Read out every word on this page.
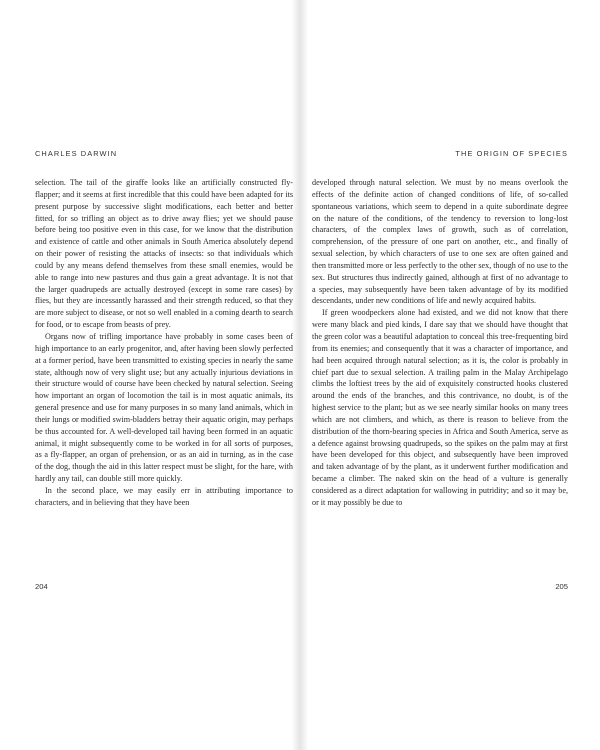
CHARLES DARWIN

selection. The tail of the giraffe looks like an artificially constructed fly-flapper; and it seems at first incredible that this could have been adapted for its present purpose by successive slight modifications, each better and better fitted, for so trifling an object as to drive away flies; yet we should pause before being too positive even in this case, for we know that the distribution and existence of cattle and other animals in South America absolutely depend on their power of resisting the attacks of insects: so that individuals which could by any means defend themselves from these small enemies, would be able to range into new pastures and thus gain a great advantage. It is not that the larger quadrupeds are actually destroyed (except in some rare cases) by flies, but they are incessantly harassed and their strength reduced, so that they are more subject to disease, or not so well enabled in a coming dearth to search for food, or to escape from beasts of prey.

Organs now of trifling importance have probably in some cases been of high importance to an early progenitor, and, after having been slowly perfected at a former period, have been transmitted to existing species in nearly the same state, although now of very slight use; but any actually injurious deviations in their structure would of course have been checked by natural selection. Seeing how important an organ of locomotion the tail is in most aquatic animals, its general presence and use for many purposes in so many land animals, which in their lungs or modified swim-bladders betray their aquatic origin, may perhaps be thus accounted for. A well-developed tail having been formed in an aquatic animal, it might subsequently come to be worked in for all sorts of purposes, as a fly-flapper, an organ of prehension, or as an aid in turning, as in the case of the dog, though the aid in this latter respect must be slight, for the hare, with hardly any tail, can double still more quickly.

In the second place, we may easily err in attributing importance to characters, and in believing that they have been

204
THE ORIGIN OF SPECIES

developed through natural selection. We must by no means overlook the effects of the definite action of changed conditions of life, of so-called spontaneous variations, which seem to depend in a quite subordinate degree on the nature of the conditions, of the tendency to reversion to long-lost characters, of the complex laws of growth, such as of correlation, comprehension, of the pressure of one part on another, etc., and finally of sexual selection, by which characters of use to one sex are often gained and then transmitted more or less perfectly to the other sex, though of no use to the sex. But structures thus indirectly gained, although at first of no advantage to a species, may subsequently have been taken advantage of by its modified descendants, under new conditions of life and newly acquired habits.

If green woodpeckers alone had existed, and we did not know that there were many black and pied kinds, I dare say that we should have thought that the green color was a beautiful adaptation to conceal this tree-frequenting bird from its enemies; and consequently that it was a character of importance, and had been acquired through natural selection; as it is, the color is probably in chief part due to sexual selection. A trailing palm in the Malay Archipelago climbs the loftiest trees by the aid of exquisitely constructed hooks clustered around the ends of the branches, and this contrivance, no doubt, is of the highest service to the plant; but as we see nearly similar hooks on many trees which are not climbers, and which, as there is reason to believe from the distribution of the thorn-bearing species in Africa and South America, serve as a defence against browsing quadrupeds, so the spikes on the palm may at first have been developed for this object, and subsequently have been improved and taken advantage of by the plant, as it underwent further modification and became a climber. The naked skin on the head of a vulture is generally considered as a direct adaptation for wallowing in putridity; and so it may be, or it may possibly be due to

205
